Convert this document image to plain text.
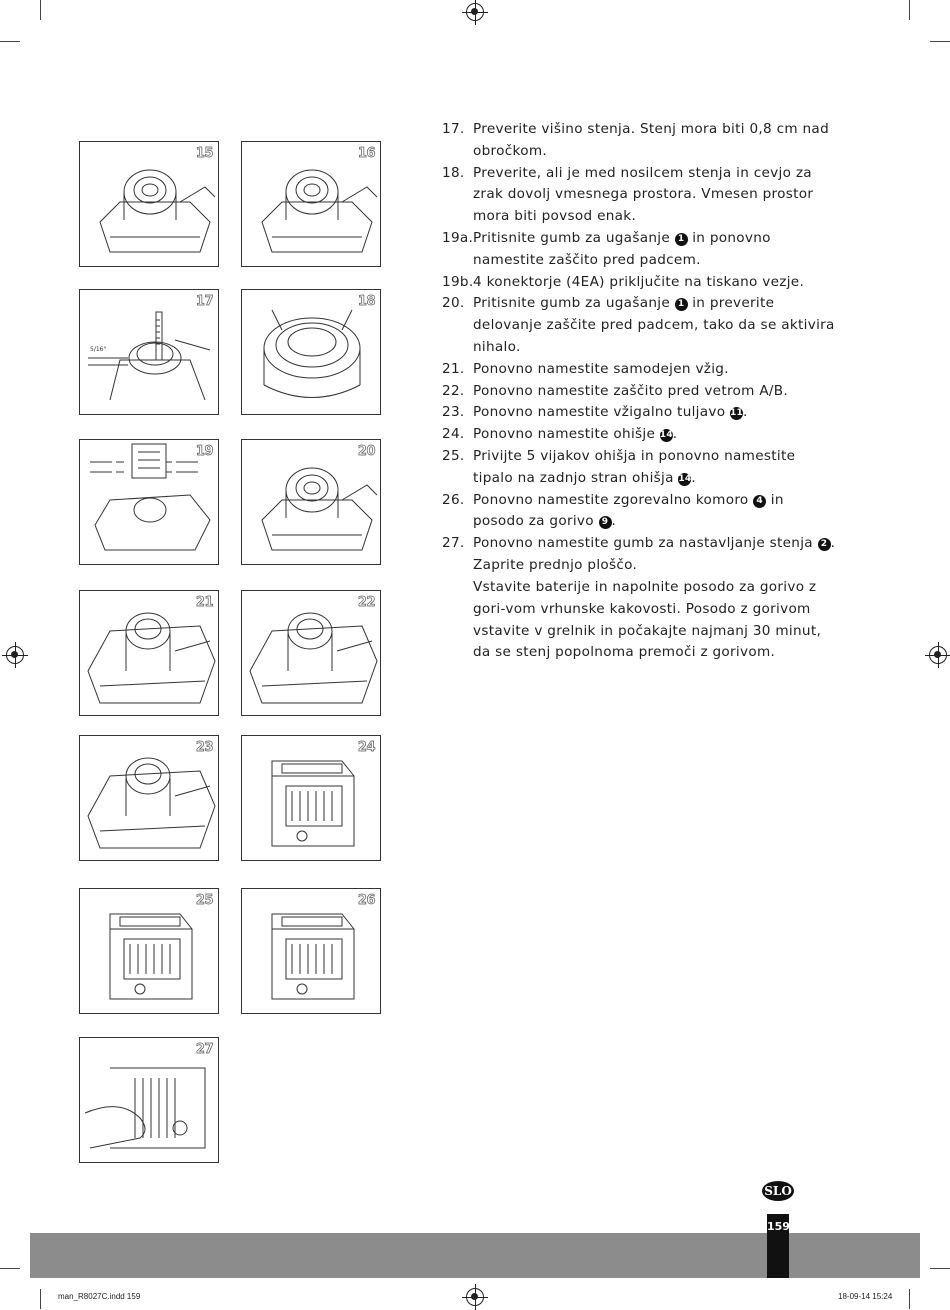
15	16
5/16"
17	18
19	20
21	22
23	24
25	26
27
17. Preverite višino stenja. Stenj mora biti 0,8 cm nad obročkom.
18. Preverite, ali je med nosilcem stenja in cevjo za zrak dovolj vmesnega prostora. Vmesen prostor mora biti povsod enak.
19a. Pritisnite gumb za ugašanje 1 in ponovno namestite zaščito pred padcem.
19b. 4 konektorje (4EA) priključite na tiskano vezje.
20. Pritisnite gumb za ugašanje 1 in preverite delovanje zaščite pred padcem, tako da se aktivira nihalo.
21. Ponovno namestite samodejen vžig.
22. Ponovno namestite zaščito pred vetrom A/B.
23. Ponovno namestite vžigalno tuljavo 11.
24. Ponovno namestite ohišje 14.
25. Privijte 5 vijakov ohišja in ponovno namestite tipalo na zadnjo stran ohišja 14.
26. Ponovno namestite zgorevalno komoro 4 in posodo za gorivo 9 .
27. Ponovno namestite gumb za nastavljanje stenja 2 . Zaprite prednjo ploščo.
Vstavite baterije in napolnite posodo za gorivo z gori-vom vrhunske kakovosti. Posodo z gorivom vstavite v grelnik in počakajte najmanj 30 minut, da se stenj popolnoma premoči z gorivom.
SLO
159
man_R8027C.indd 159	18-09-14 15:24
